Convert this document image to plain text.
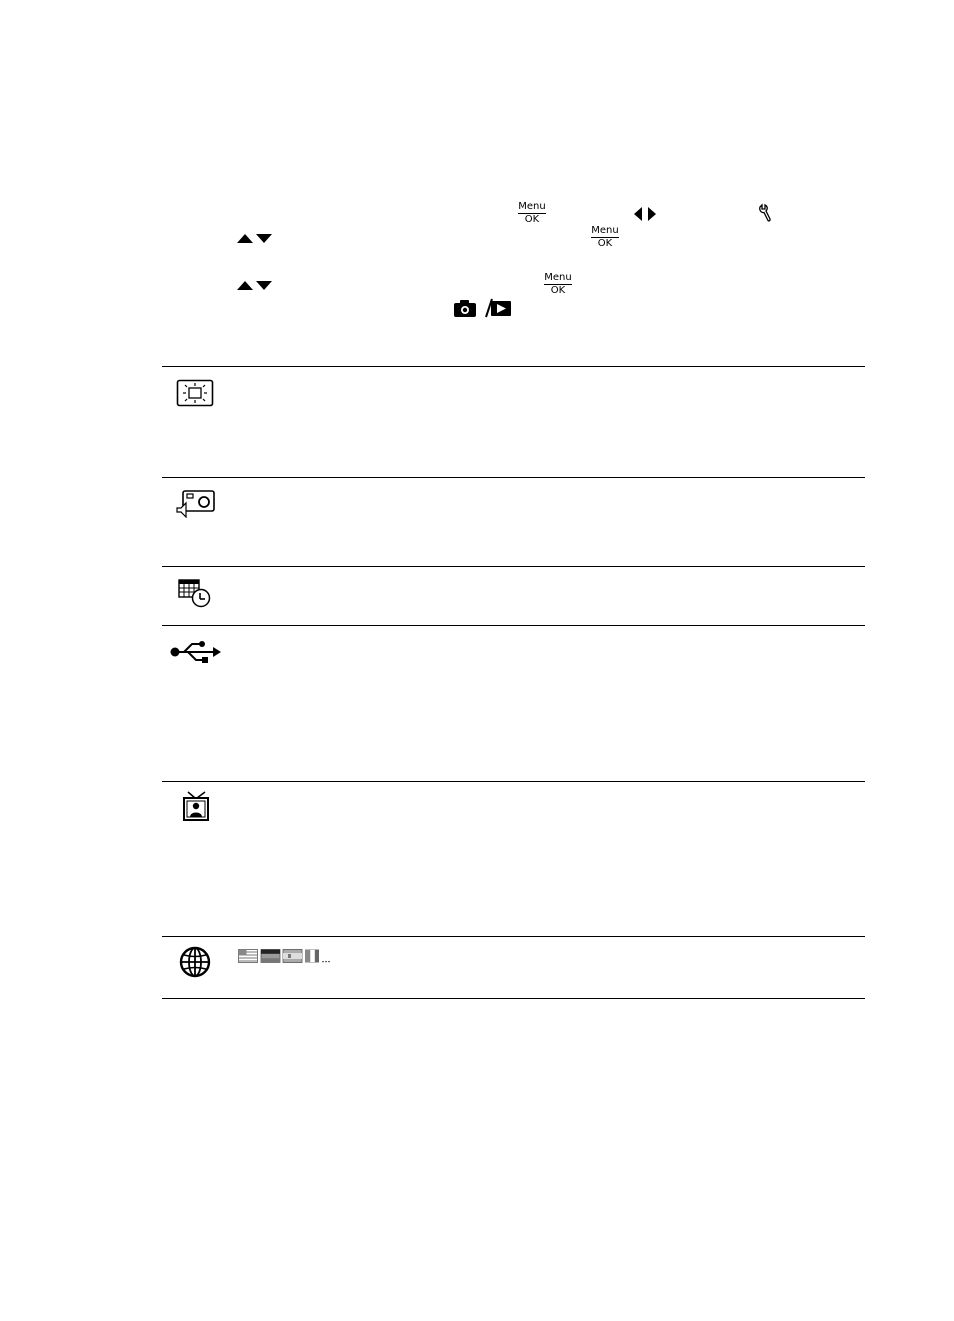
Menu
OK
Menu
OK
Menu
OK
